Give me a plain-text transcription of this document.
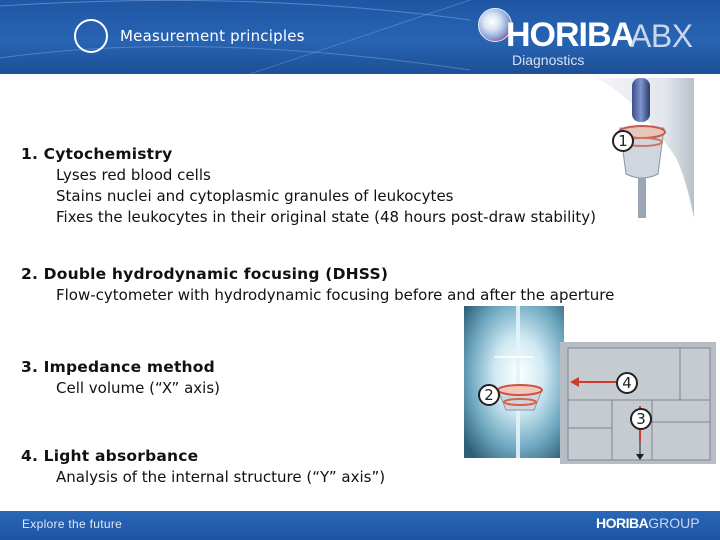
Measurement principles	HORIBA
ABX
Diagnostics
1. Cytochemistry
Lyses red blood cells
Stains nuclei and cytoplasmic granules of leukocytes
Fixes the leukocytes in their original state (48 hours post-draw stability)
2. Double hydrodynamic focusing (DHSS)
Flow-cytometer with hydrodynamic focusing before and after the aperture
3. Impedance method
Cell volume (“X” axis)
4. Light absorbance
Analysis of the internal structure (“Y” axis”)
1
2
4
3
Explore the future	HORIBAGROUP
